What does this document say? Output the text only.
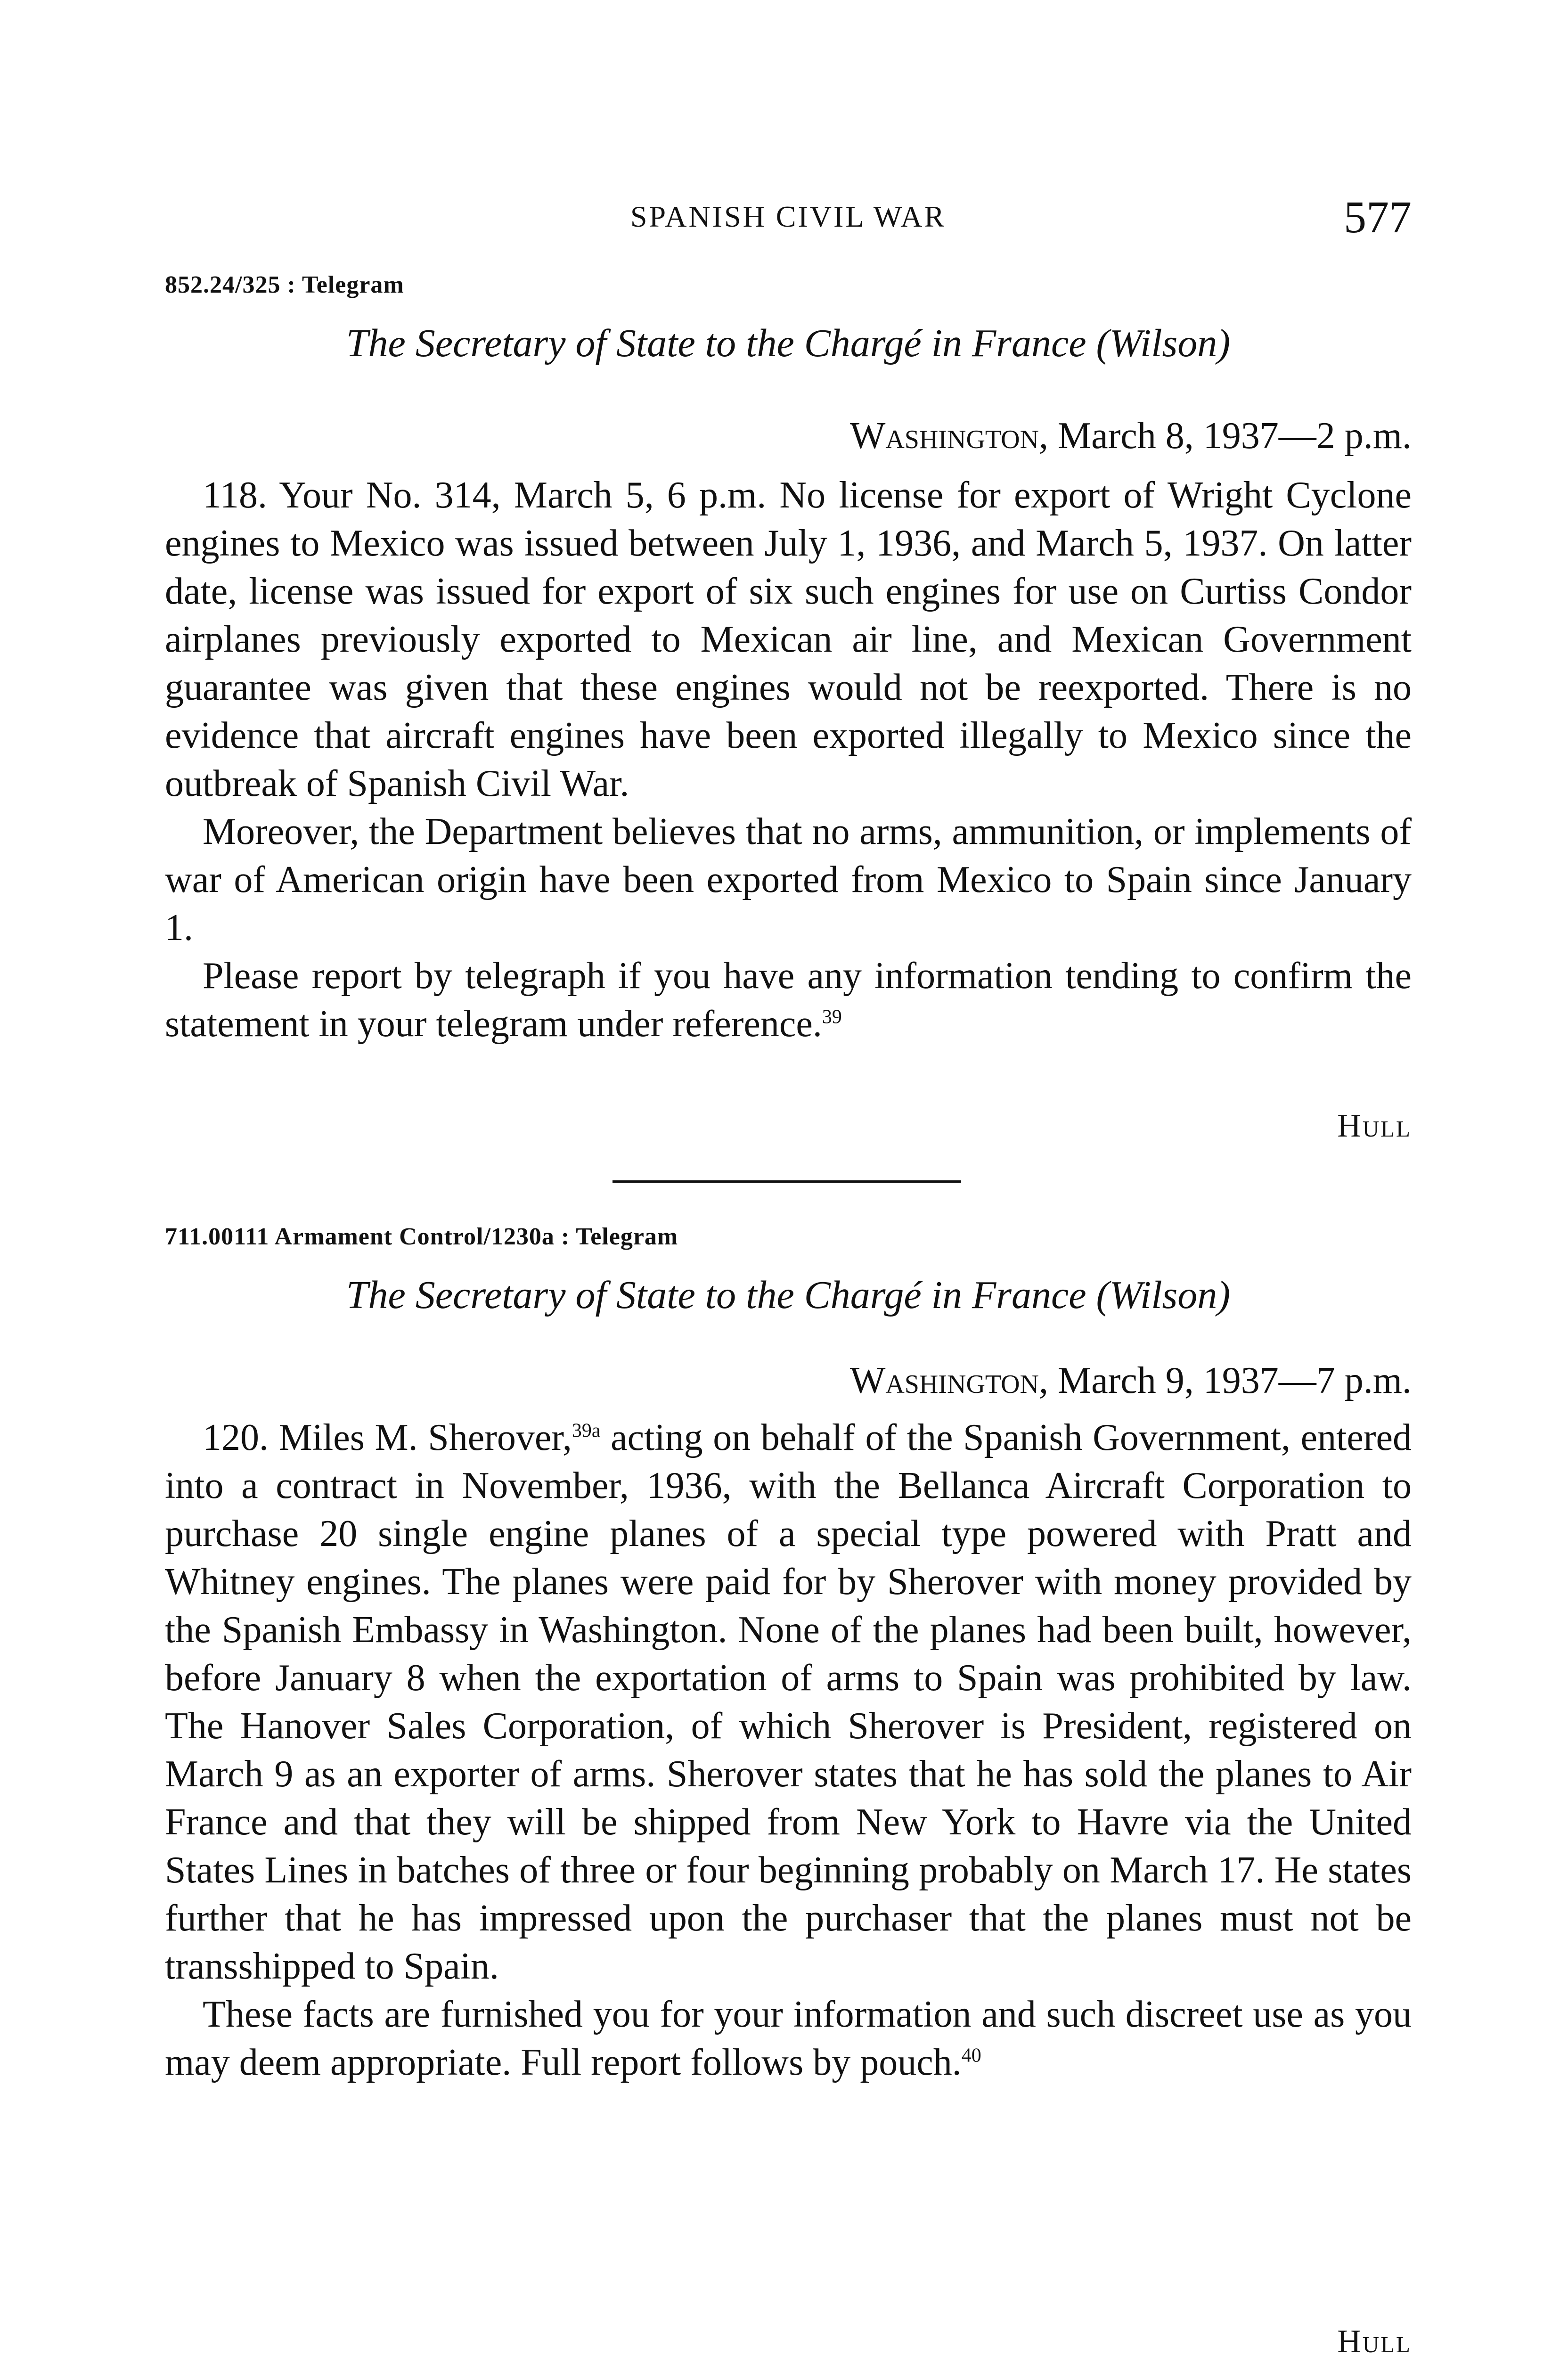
SPANISH CIVIL WAR	577
852.24/325 : Telegram
The Secretary of State to the Chargé in France (Wilson)
Washington, March 8, 1937—2 p.m.

118. Your No. 314, March 5, 6 p.m. No license for export of Wright Cyclone engines to Mexico was issued between July 1, 1936, and March 5, 1937. On latter date, license was issued for export of six such engines for use on Curtiss Condor airplanes previously exported to Mexican air line, and Mexican Government guarantee was given that these engines would not be reexported. There is no evidence that aircraft engines have been exported illegally to Mexico since the outbreak of Spanish Civil War.

Moreover, the Department believes that no arms, ammunition, or implements of war of American origin have been exported from Mexico to Spain since January 1.

Please report by telegraph if you have any information tending to confirm the statement in your telegram under reference.$^{39}$

Hull
711.00111 Armament Control/1230a : Telegram
The Secretary of State to the Chargé in France (Wilson)
Washington, March 9, 1937—7 p.m.

120. Miles M. Sherover,$^{39a}$ acting on behalf of the Spanish Government, entered into a contract in November, 1936, with the Bellanca Aircraft Corporation to purchase 20 single engine planes of a special type powered with Pratt and Whitney engines. The planes were paid for by Sherover with money provided by the Spanish Embassy in Washington. None of the planes had been built, however, before January 8 when the exportation of arms to Spain was prohibited by law. The Hanover Sales Corporation, of which Sherover is President, registered on March 9 as an exporter of arms. Sherover states that he has sold the planes to Air France and that they will be shipped from New York to Havre via the United States Lines in batches of three or four beginning probably on March 17. He states further that he has impressed upon the purchaser that the planes must not be transshipped to Spain.

These facts are furnished you for your information and such discreet use as you may deem appropriate. Full report follows by pouch.$^{40}$

Hull
